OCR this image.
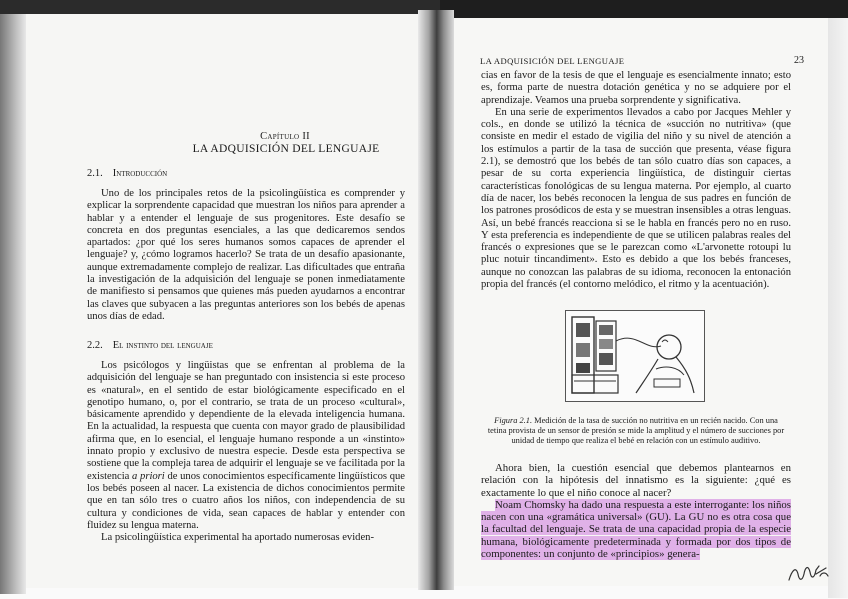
Capítulo II
LA ADQUISICIÓN DEL LENGUAJE
2.1. Introducción

Uno de los principales retos de la psicolingüística es comprender y explicar la sorprendente capacidad que muestran los niños para aprender a hablar y a entender el lenguaje de sus progenitores. Este desafío se concreta en dos preguntas esenciales, a las que dedicaremos sendos apartados: ¿por qué los seres humanos somos capaces de aprender el lenguaje? y, ¿cómo logramos hacerlo? Se trata de un desafío apasionante, aunque extremadamente complejo de realizar. Las dificultades que entraña la investigación de la adquisición del lenguaje se ponen inmediatamente de manifiesto si pensamos que quienes más pueden ayudarnos a encontrar las claves que subyacen a las preguntas anteriores son los bebés de apenas unos días de edad.

2.2. El instinto del lenguaje

Los psicólogos y lingüistas que se enfrentan al problema de la adquisición del lenguaje se han preguntado con insistencia si este proceso es «natural», en el sentido de estar biológicamente especificado en el genotipo humano, o, por el contrario, se trata de un proceso «cultural», básicamente aprendido y dependiente de la elevada inteligencia humana. En la actualidad, la respuesta que cuenta con mayor grado de plausibilidad afirma que, en lo esencial, el lenguaje humano responde a un «instinto» innato propio y exclusivo de nuestra especie. Desde esta perspectiva se sostiene que la compleja tarea de adquirir el lenguaje se ve facilitada por la existencia a priori de unos conocimientos específicamente lingüísticos que los bebés poseen al nacer. La existencia de dichos conocimientos permite que en tan sólo tres o cuatro años los niños, con independencia de su cultura y condiciones de vida, sean capaces de hablar y entender con fluidez su lengua materna.

La psicolingüística experimental ha aportado numerosas eviden-

LA ADQUISICIÓN DEL LENGUAJE	23

cias en favor de la tesis de que el lenguaje es esencialmente innato; esto es, forma parte de nuestra dotación genética y no se adquiere por el aprendizaje. Veamos una prueba sorprendente y significativa.

En una serie de experimentos llevados a cabo por Jacques Mehler y cols., en donde se utilizó la técnica de «succión no nutritiva» (que consiste en medir el estado de vigilia del niño y su nivel de atención a los estímulos a partir de la tasa de succión que presenta, véase figura 2.1), se demostró que los bebés de tan sólo cuatro días son capaces, a pesar de su corta experiencia lingüística, de distinguir ciertas características fonológicas de su lengua materna. Por ejemplo, al cuarto día de nacer, los bebés reconocen la lengua de sus padres en función de los patrones prosódicos de esta y se muestran insensibles a otras lenguas. Así, un bebé francés reacciona si se le habla en francés pero no en ruso. Y esta preferencia es independiente de que se utilicen palabras reales del francés o expresiones que se le parezcan como «L'arvonette rotoupi lu pluc notuir tincandiment». Esto es debido a que los bebés franceses, aunque no conozcan las palabras de su idioma, reconocen la entonación propia del francés (el contorno melódico, el ritmo y la acentuación).

Figura 2.1. Medición de la tasa de succión no nutritiva en un recién nacido. Con una tetina provista de un sensor de presión se mide la amplitud y el número de succiones por unidad de tiempo que realiza el bebé en relación con un estímulo auditivo.

Ahora bien, la cuestión esencial que debemos plantearnos en relación con la hipótesis del innatismo es la siguiente: ¿qué es exactamente lo que el niño conoce al nacer?

Noam Chomsky ha dado una respuesta a este interrogante: los niños nacen con una «gramática universal» (GU). La GU no es otra cosa que la facultad del lenguaje. Se trata de una capacidad propia de la especie humana, biológicamente predeterminada y formada por dos tipos de componentes: un conjunto de «principios» genera-
